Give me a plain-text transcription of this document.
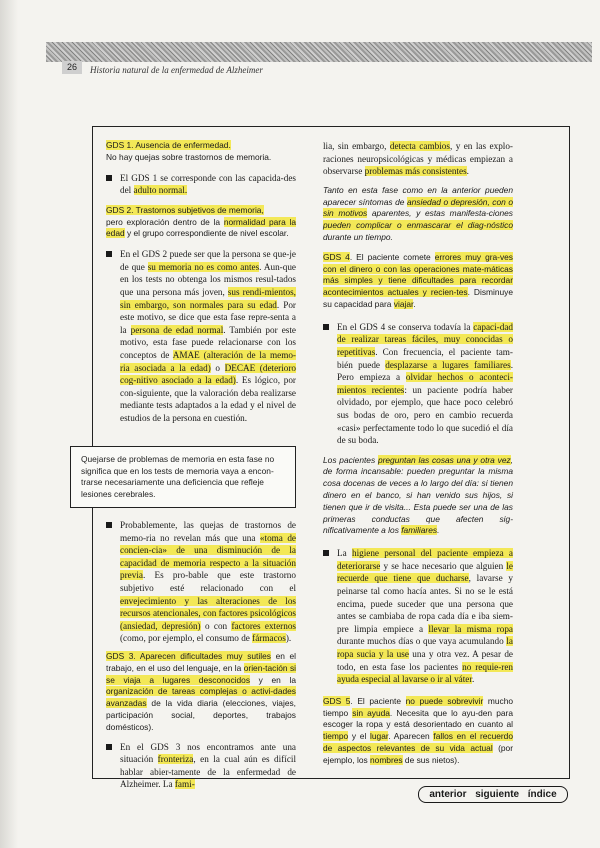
26	Historia natural de la enfermedad de Alzheimer
GDS 1. Ausencia de enfermedad.
No hay quejas sobre trastornos de memoria.

El GDS 1 se corresponde con las capacida-des del adulto normal.

GDS 2. Trastornos subjetivos de memoria,
pero exploración dentro de la normalidad para la edad y el grupo correspondiente de nivel escolar.

En el GDS 2 puede ser que la persona se que-je de que su memoria no es como antes. Aun-que en los tests no obtenga los mismos resul-tados que una persona más joven, sus rendi-mientos, sin embargo, son normales para su edad. Por este motivo, se dice que esta fase repre-senta a la persona de edad normal. También por este motivo, esta fase puede relacionarse con los conceptos de AMAE (alteración de la memo-ria asociada a la edad) o DECAE (deterioro cog-nitivo asociado a la edad). Es lógico, por con-siguiente, que la valoración deba realizarse mediante tests adaptados a la edad y el nivel de estudios de la persona en cuestión.

Quejarse de problemas de memoria en esta fase no significa que en los tests de memoria vaya a encon-trarse necesariamente una deficiencia que refleje lesiones cerebrales.

Probablemente, las quejas de trastornos de memo-ria no revelan más que una «toma de concien-cia» de una disminución de la capacidad de memoria respecto a la situación previa. Es pro-bable que este trastorno subjetivo esté relacionado con el envejecimiento y las alteraciones de los recursos atencionales, con factores psicológicos (ansiedad, depresión) o con factores externos (como, por ejemplo, el consumo de fármacos).

GDS 3. Aparecen dificultades muy sutiles en el trabajo, en el uso del lenguaje, en la orien-tación si se viaja a lugares desconocidos y en la organización de tareas complejas o activi-dades avanzadas de la vida diaria (elecciones, viajes, participación social, deportes, trabajos domésticos).

En el GDS 3 nos encontramos ante una situación fronteriza, en la cual aún es difícil hablar abier-tamente de la enfermedad de Alzheimer. La fami-

lia, sin embargo, detecta cambios, y en las explo-raciones neuropsicológicas y médicas empiezan a observarse problemas más consistentes.

Tanto en esta fase como en la anterior pueden aparecer síntomas de ansiedad o depresión, con o sin motivos aparentes, y estas manifesta-ciones pueden complicar o enmascarar el diag-nóstico durante un tiempo.

GDS 4. El paciente comete errores muy gra-ves con el dinero o con las operaciones mate-máticas más simples y tiene dificultades para recordar acontecimientos actuales y recien-tes. Disminuye su capacidad para viajar.

En el GDS 4 se conserva todavía la capaci-dad de realizar tareas fáciles, muy conocidas o repetitivas. Con frecuencia, el paciente tam-bién puede desplazarse a lugares familiares. Pero empieza a olvidar hechos o aconteci-mientos recientes: un paciente podría haber olvidado, por ejemplo, que hace poco celebró sus bodas de oro, pero en cambio recuerda «casi» perfectamente todo lo que sucedió el día de su boda.

Los pacientes preguntan las cosas una y otra vez, de forma incansable: pueden preguntar la misma cosa docenas de veces a lo largo del día: si tienen dinero en el banco, si han venido sus hijos, si tienen que ir de visita... Esta puede ser una de las primeras conductas que afecten sig-nificativamente a los familiares.

La higiene personal del paciente empieza a deteriorarse y se hace necesario que alguien le recuerde que tiene que ducharse, lavarse y peinarse tal como hacía antes. Si no se le está encima, puede suceder que una persona que antes se cambiaba de ropa cada día e iba siem-pre limpia empiece a llevar la misma ropa durante muchos días o que vaya acumulando la ropa sucia y la use una y otra vez. A pesar de todo, en esta fase los pacientes no requie-ren ayuda especial al lavarse o ir al váter.

GDS 5. El paciente no puede sobrevivir mucho tiempo sin ayuda. Necesita que lo ayu-den para escoger la ropa y está desorientado en cuanto al tiempo y el lugar. Aparecen fallos en el recuerdo de aspectos relevantes de su vida actual (por ejemplo, los nombres de sus nietos).

anterior siguiente índice
